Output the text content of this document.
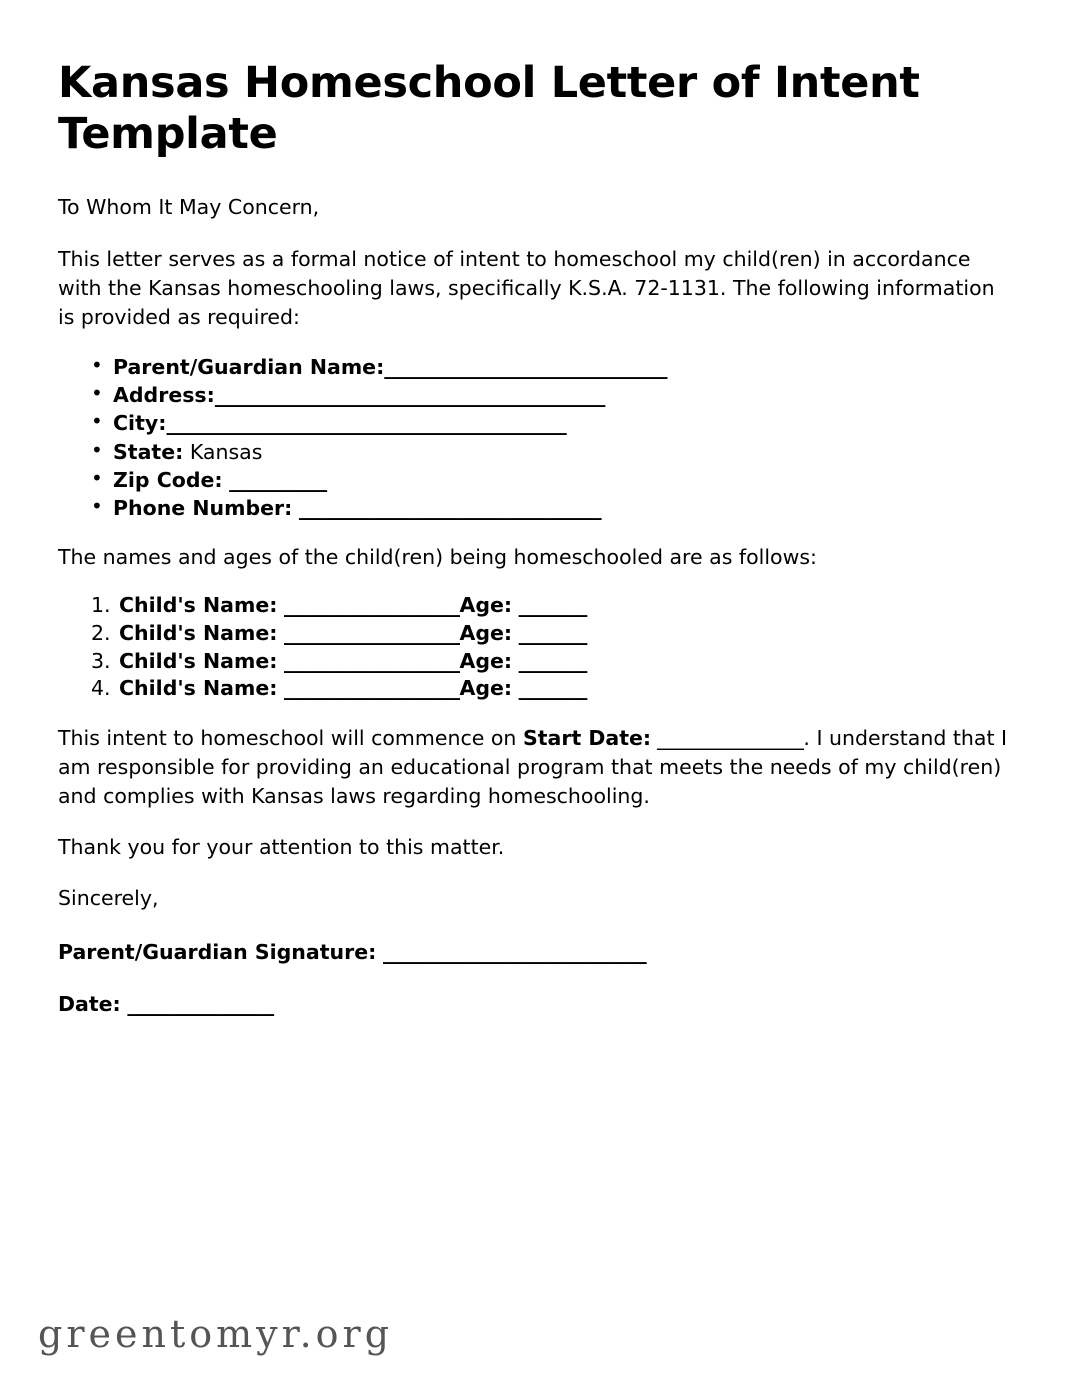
Kansas Homeschool Letter of Intent Template

To Whom It May Concern,

This letter serves as a formal notice of intent to homeschool my child(ren) in accordance with the Kansas homeschooling laws, specifically K.S.A. 72-1131. The following information is provided as required:

• Parent/Guardian Name:_____________________________
• Address:________________________________________
• City:_________________________________________
• State: Kansas
• Zip Code: __________
• Phone Number: _______________________________

The names and ages of the child(ren) being homeschooled are as follows:

Child's Name: __________________Age: _______
Child's Name: __________________Age: _______
Child's Name: __________________Age: _______
Child's Name: __________________Age: _______

This intent to homeschool will commence on Start Date: _______________. I understand that I am responsible for providing an educational program that meets the needs of my child(ren) and complies with Kansas laws regarding homeschooling.

Thank you for your attention to this matter.

Sincerely,

Parent/Guardian Signature: ___________________________

Date: _______________

greentomyr.org
